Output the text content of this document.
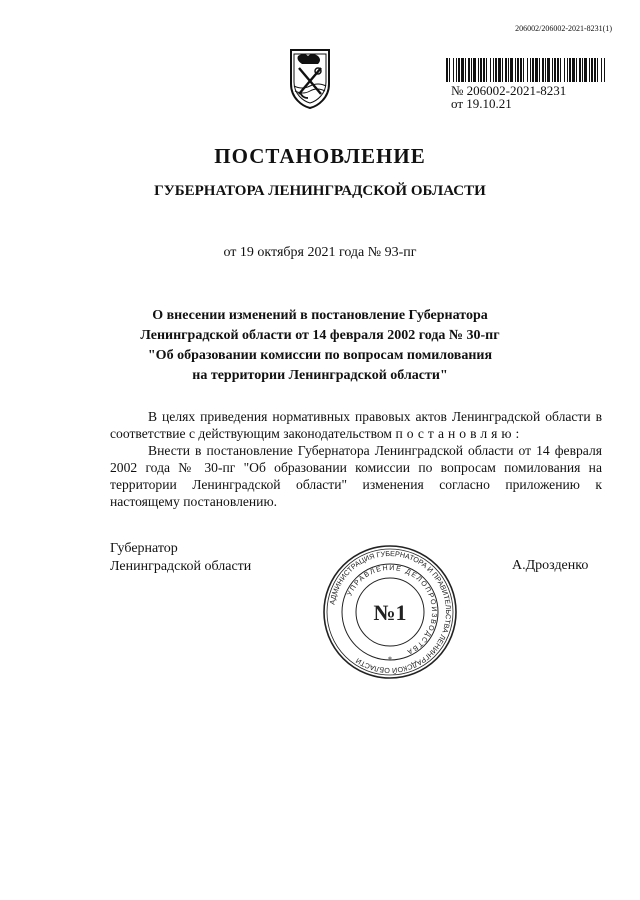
206002/206002-2021-8231(1)
№ 206002-2021-8231
от 19.10.21
ПОСТАНОВЛЕНИЕ
ГУБЕРНАТОРА ЛЕНИНГРАДСКОЙ ОБЛАСТИ
от 19 октября 2021 года № 93-пг
О внесении изменений в постановление Губернатора
Ленинградской области от 14 февраля 2002 года № 30-пг
"Об образовании комиссии по вопросам помилования
на территории Ленинградской области"

В целях приведения нормативных правовых актов Ленинградской области в соответствие с действующим законодательством постановляю:

Внести в постановление Губернатора Ленинградской области от 14 февраля 2002 года № 30-пг "Об образовании комиссии по вопросам помилования на территории Ленинградской области" изменения согласно приложению к настоящему постановлению.

Губернатор
Ленинградской области	А.Дрозденко
АДМИНИСТРАЦИЯ ГУБЕРНАТОРА И ПРАВИТЕЛЬСТВА ЛЕНИНГРАДСКОЙ ОБЛАСТИ
УПРАВЛЕНИЕ ДЕЛОПРОИЗВОДСТВА
№1
*
